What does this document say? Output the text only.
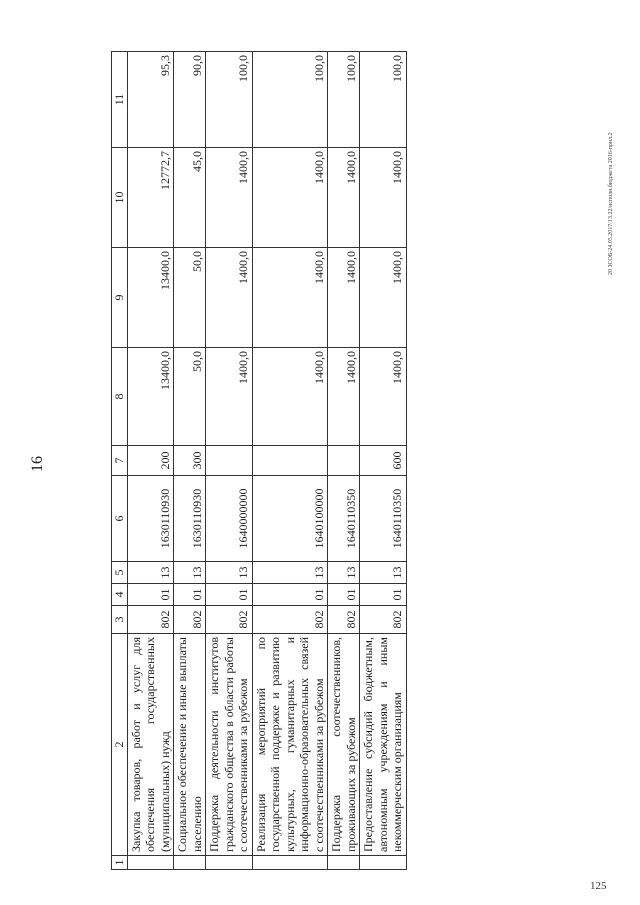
16
20 ЗСОБ-24.05.2017/13.22/исполн.бюджета 2016-прил.2
125
1	2	3	4	5	6	7	8	9	10	11
	Закупка товаров, работ и услуг для обеспечения государственных (муниципальных) нужд	802	01	13	1630110930	200	13400,0	13400,0	12772,7	95,3
	Социальное обеспечение и иные выплаты населению	802	01	13	1630110930	300	50,0	50,0	45,0	90,0
	Поддержка деятельности институтов гражданского общества в области работы с соотечественниками за рубежом	802	01	13	1640000000		1400,0	1400,0	1400,0	100,0
	Реализация мероприятий по государственной поддержке и развитию культурных, гуманитарных и информационно-образовательных связей с соотечественниками за рубежом	802	01	13	1640100000		1400,0	1400,0	1400,0	100,0
	Поддержка соотечественников, проживающих за рубежом	802	01	13	1640110350		1400,0	1400,0	1400,0	100,0
	Предоставление субсидий бюджетным, автономным учреждениям и иным некоммерческим организациям	802	01	13	1640110350	600	1400,0	1400,0	1400,0	100,0
